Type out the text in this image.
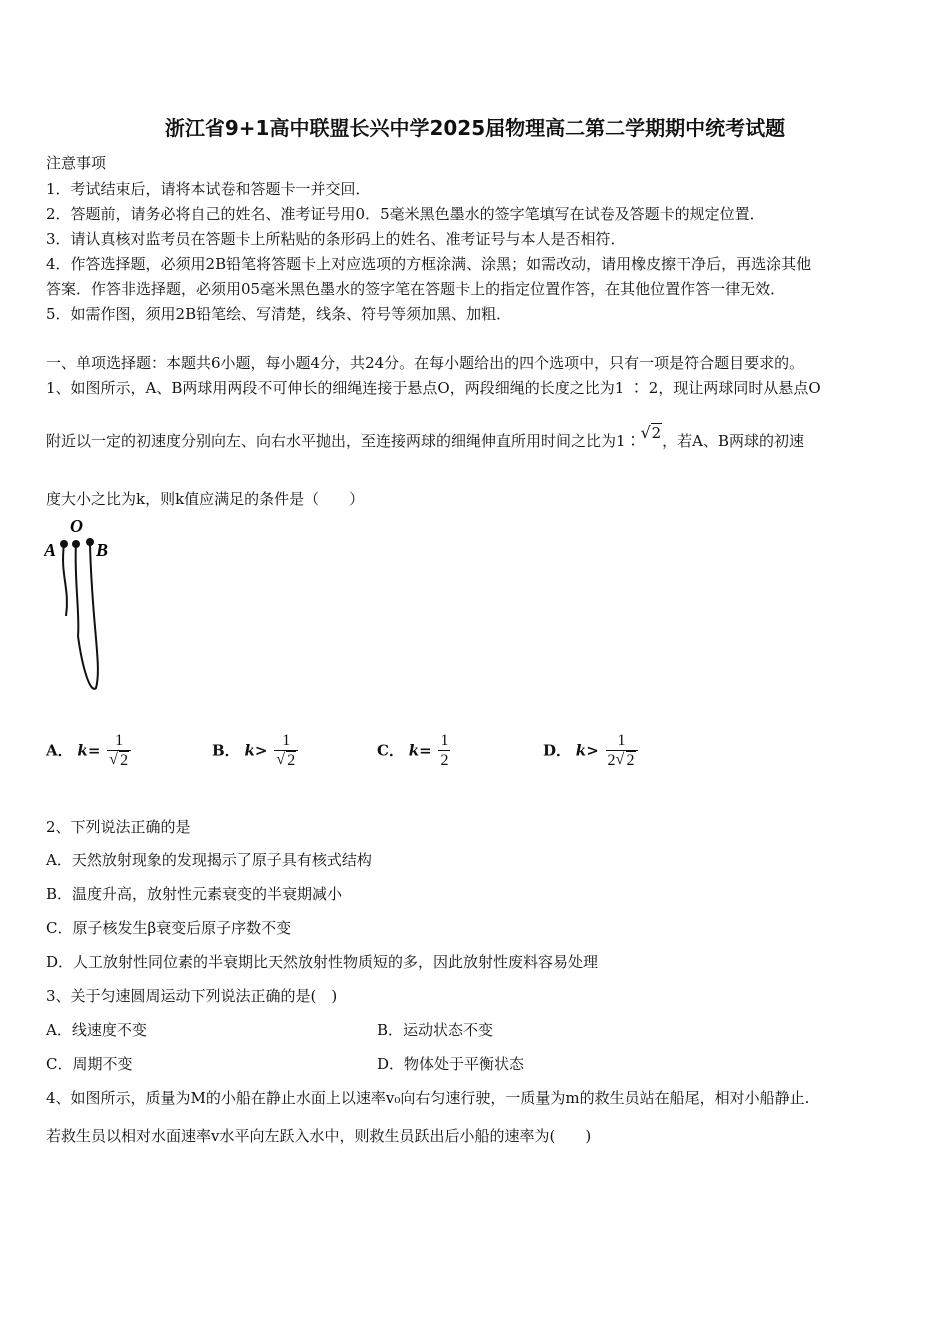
浙江省9+1高中联盟长兴中学2025届物理高二第二学期期中统考试题
注意事项
1．考试结束后，请将本试卷和答题卡一并交回．
2．答题前，请务必将自己的姓名、准考证号用0．5毫米黑色墨水的签字笔填写在试卷及答题卡的规定位置．
3．请认真核对监考员在答题卡上所粘贴的条形码上的姓名、准考证号与本人是否相符．
4．作答选择题，必须用2B铅笔将答题卡上对应选项的方框涂满、涂黑；如需改动，请用橡皮擦干净后，再选涂其他
答案．作答非选择题，必须用05毫米黑色墨水的签字笔在答题卡上的指定位置作答，在其他位置作答一律无效．
5．如需作图，须用2B铅笔绘、写清楚，线条、符号等须加黑、加粗．
一、单项选择题：本题共6小题，每小题4分，共24分。在每小题给出的四个选项中，只有一项是符合题目要求的。
1、如图所示，A、B两球用两段不可伸长的细绳连接于悬点O，两段细绳的长度之比为1 ∶ 2，现让两球同时从悬点O
附近以一定的初速度分别向左、向右水平抛出，至连接两球的细绳伸直所用时间之比为1∶ √ 2，若A、B两球的初速
度大小之比为k，则k值应满足的条件是（　　）
O
A B
A． k= 1
√ 2	B． k> 1
√ 2	C． $k= \frac{1}{2}$	D． $k> \frac{1}{2 √ 2}$
2、下列说法正确的是
A．天然放射现象的发现揭示了原子具有核式结构
B．温度升高，放射性元素衰变的半衰期减小
C．原子核发生β衰变后原子序数不变
D．人工放射性同位素的半衰期比天然放射性物质短的多，因此放射性废料容易处理
3、关于匀速圆周运动下列说法正确的是(　)
A．线速度不变	B．运动状态不变
C．周期不变	D．物体处于平衡状态
4、如图所示，质量为M的小船在静止水面上以速率v₀向右匀速行驶，一质量为m的救生员站在船尾，相对小船静止.
若救生员以相对水面速率v水平向左跃入水中，则救生员跃出后小船的速率为(　　)
